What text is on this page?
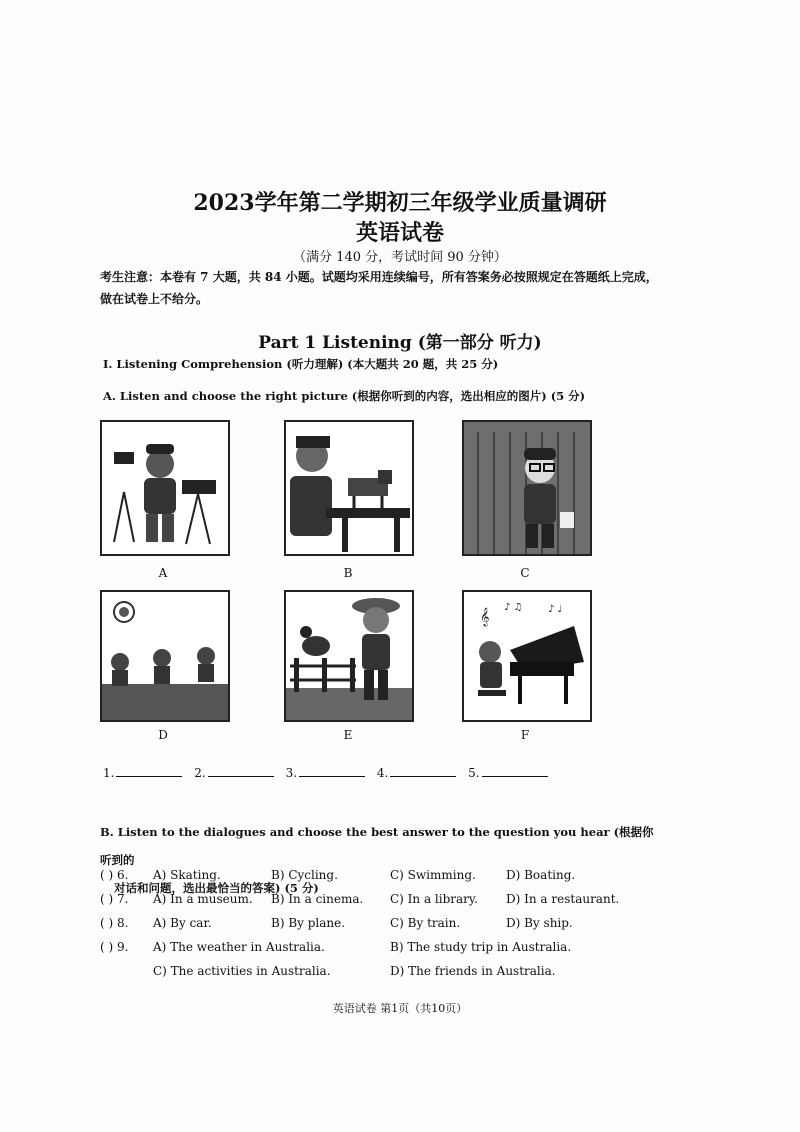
2023学年第二学期初三年级学业质量调研
英语试卷
（满分 140 分，考试时间 90 分钟）
考生注意：本卷有 7 大题，共 84 小题。试题均采用连续编号，所有答案务必按照规定在答题纸上完成，做在试卷上不给分。
Part 1 Listening (第一部分 听力)
I. Listening Comprehension (听力理解) (本大题共 20 题，共 25 分)
A. Listen and choose the right picture (根据你听到的内容，选出相应的图片) (5 分)
A	B	C
D	E
𝄞 ♪ ♫	♪ ♩
F
1.	2.	3.	4.	5.
B. Listen to the dialogues and choose the best answer to the question you hear (根据你听到的
对话和问题，选出最恰当的答案) (5 分)
( ) 6. A) Skating.	B) Cycling.	C) Swimming.	D) Boating.
( ) 7. A) In a museum. B) In a cinema. C) In a library. D) In a restaurant.
( ) 8. A) By car.	B) By plane.	C) By train.	D) By ship.
( ) 9. A) The weather in Australia.	B) The study trip in Australia.
C) The activities in Australia.	D) The friends in Australia.
英语试卷 第1页（共10页）
